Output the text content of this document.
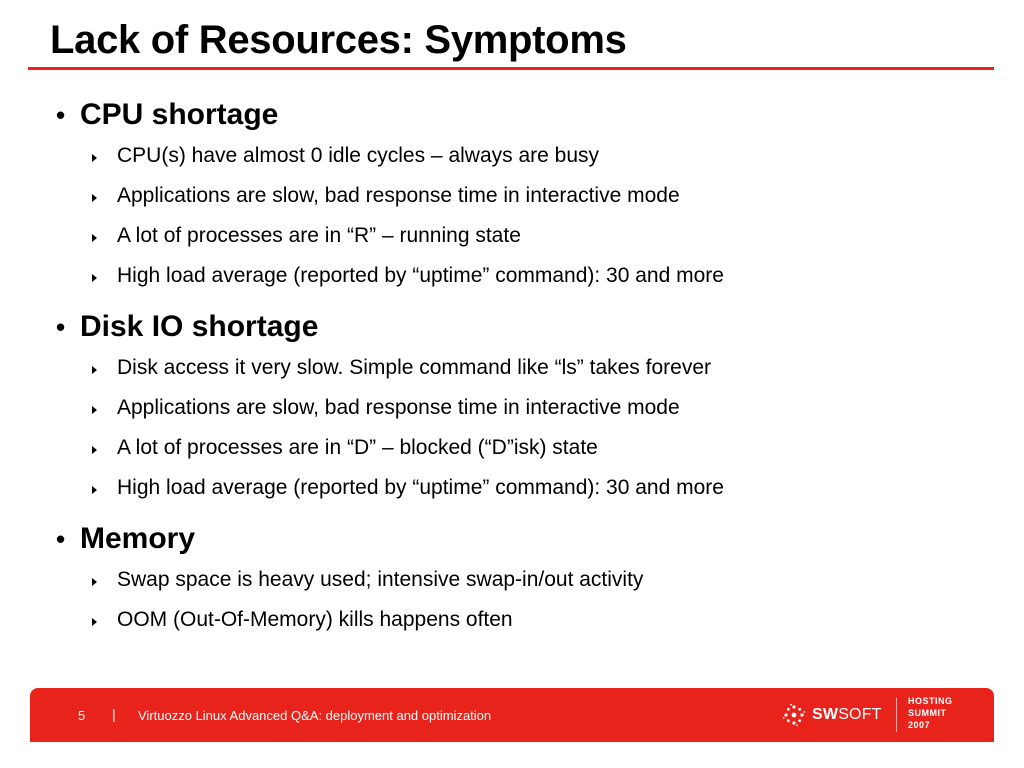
Lack of Resources: Symptoms
• CPU shortage
CPU(s) have almost 0 idle cycles – always are busy
Applications are slow, bad response time in interactive mode
A lot of processes are in “R” – running state
High load average (reported by “uptime” command): 30 and more
• Disk IO shortage
Disk access it very slow. Simple command like “ls” takes forever
Applications are slow, bad response time in interactive mode
A lot of processes are in “D” – blocked (“D”isk) state
High load average (reported by “uptime” command): 30 and more
• Memory
Swap space is heavy used; intensive swap-in/out activity
OOM (Out-Of-Memory) kills happens often
5 | Virtuozzo Linux Advanced Q&A: deployment and optimization	SWSOFT
HOSTING
SUMMIT
2007
